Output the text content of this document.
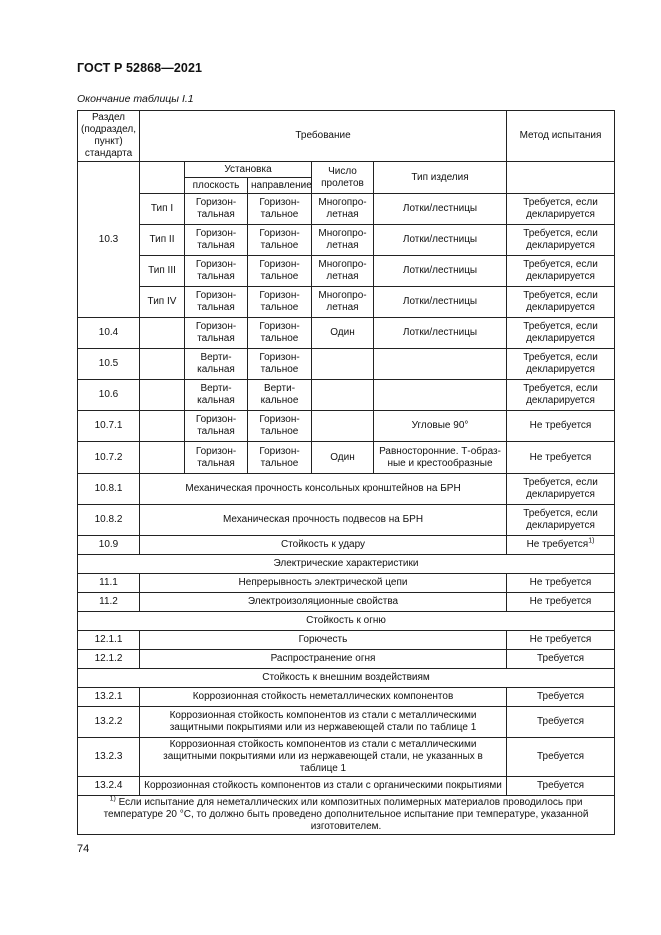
ГОСТ Р 52868—2021
Окончание таблицы I.1
Раздел (подраздел, пункт) стандарта	Требование					Метод испытания
10.3		Установка		Число пролетов	Тип изделия	
		плоскость	направление			
	Тип I	Горизон-тальная	Горизон-тальное	Многопро-летная	Лотки/лестницы	Требуется, если декларируется
	Тип II	Горизон-тальная	Горизон-тальное	Многопро-летная	Лотки/лестницы	Требуется, если декларируется
	Тип III	Горизон-тальная	Горизон-тальное	Многопро-летная	Лотки/лестницы	Требуется, если декларируется
	Тип IV	Горизон-тальная	Горизон-тальное	Многопро-летная	Лотки/лестницы	Требуется, если декларируется
10.4		Горизон-тальная	Горизон-тальное	Один	Лотки/лестницы	Требуется, если декларируется
10.5		Верти-кальная	Горизон-тальное			Требуется, если декларируется
10.6		Верти-кальная	Верти-кальное			Требуется, если декларируется
10.7.1		Горизон-тальная	Горизон-тальное		Угловые 90°	Не требуется
10.7.2		Горизон-тальная	Горизон-тальное	Один	Равносторонние. Т-образ-ные и крестообразные	Не требуется
10.8.1	Механическая прочность консольных кронштейнов на БРН					Требуется, если декларируется
10.8.2	Механическая прочность подвесов на БРН					Требуется, если декларируется
10.9	Стойкость к удару					Не требуется$^{1)}$
Электрические характеристики						
11.1	Непрерывность электрической цепи					Не требуется
11.2	Электроизоляционные свойства					Не требуется
Стойкость к огню						
12.1.1	Горючесть					Не требуется
12.1.2	Распространение огня					Требуется
Стойкость к внешним воздействиям						
13.2.1	Коррозионная стойкость неметаллических компонентов					Требуется
13.2.2	Коррозионная стойкость компонентов из стали с металлическими защитными покрытиями или из нержавеющей стали по таблице 1					Требуется
13.2.3	Коррозионная стойкость компонентов из стали с металлическими защитными покрытиями или из нержавеющей стали, не указанных в таблице 1					Требуется
13.2.4	Коррозионная стойкость компонентов из стали с органическими покрытиями					Требуется
$^{1)}$ Если испытание для неметаллических или композитных полимерных материалов проводилось при температуре 20 °С, то должно быть проведено дополнительное испытание при температуре, указанной изготовителем.						
74
